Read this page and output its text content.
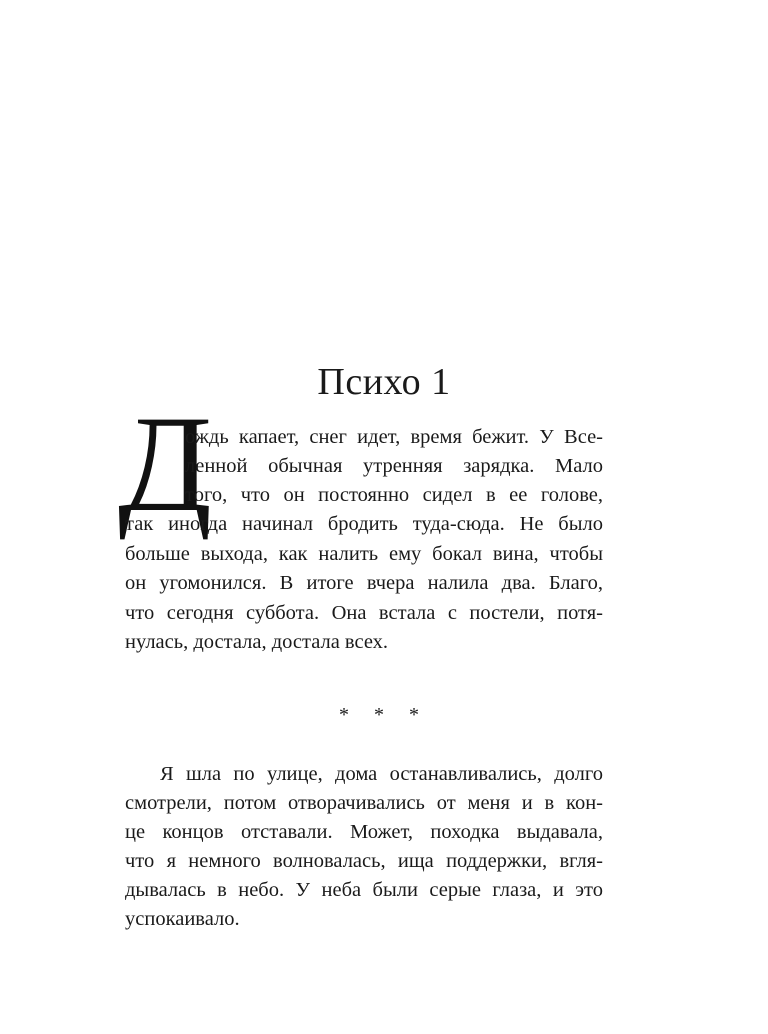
Психо 1
Д
ождь капает, снег идет, время бежит. У Все-
ленной обычная утренняя зарядка. Мало
того, что он постоянно сидел в ее голове,
так иногда начинал бродить туда-сюда. Не было
больше выхода, как налить ему бокал вина, чтобы
он угомонился. В итоге вчера налила два. Благо,
что сегодня суббота. Она встала с постели, потя-
нулась, достала, достала всех.
* * *
Я шла по улице, дома останавливались, долго
смотрели, потом отворачивались от меня и в кон-
це концов отставали. Может, походка выдавала,
что я немного волновалась, ища поддержки, вгля-
дывалась в небо. У неба были серые глаза, и это
успокаивало.
